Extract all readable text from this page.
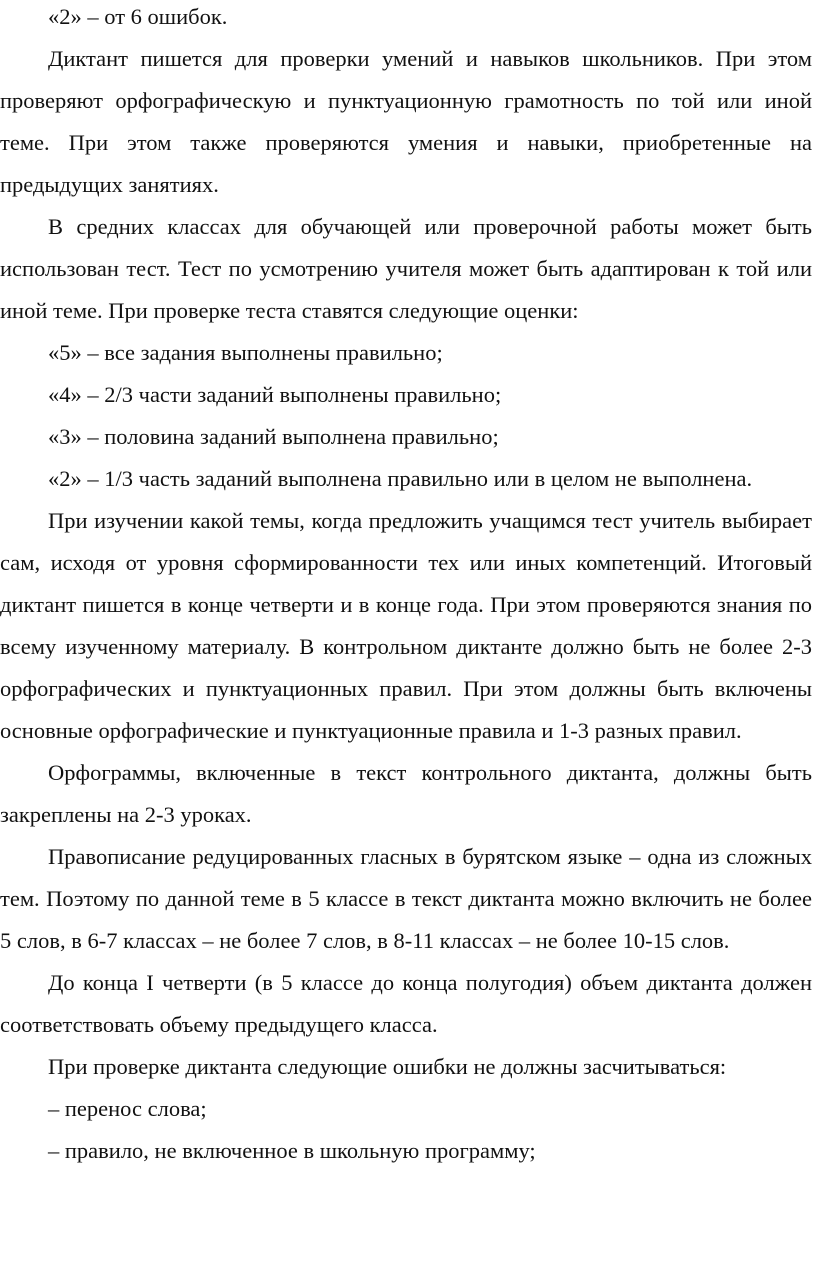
«2» – от 6 ошибок.

Диктант пишется для проверки умений и навыков школьников. При этом проверяют орфографическую и пунктуационную грамотность по той или иной теме. При этом также проверяются умения и навыки, приобретенные на предыдущих занятиях.

В средних классах для обучающей или проверочной работы может быть использован тест. Тест по усмотрению учителя может быть адаптирован к той или иной теме. При проверке теста ставятся следующие оценки:

«5» – все задания выполнены правильно;

«4» – 2/3 части заданий выполнены правильно;

«3» – половина заданий выполнена правильно;

«2» – 1/3 часть заданий выполнена правильно или в целом не выполнена.

При изучении какой темы, когда предложить учащимся тест учитель выбирает сам, исходя от уровня сформированности тех или иных компетенций. Итоговый диктант пишется в конце четверти и в конце года. При этом проверяются знания по всему изученному материалу. В контрольном диктанте должно быть не более 2-3 орфографических и пунктуационных правил. При этом должны быть включены основные орфографические и пунктуационные правила и 1-3 разных правил.

Орфограммы, включенные в текст контрольного диктанта, должны быть закреплены на 2-3 уроках.

Правописание редуцированных гласных в бурятском языке – одна из сложных тем. Поэтому по данной теме в 5 классе в текст диктанта можно включить не более 5 слов, в 6-7 классах – не более 7 слов, в 8-11 классах – не более 10-15 слов.

До конца I четверти (в 5 классе до конца полугодия) объем диктанта должен соответствовать объему предыдущего класса.

При проверке диктанта следующие ошибки не должны засчитываться:

– перенос слова;

– правило, не включенное в школьную программу;
